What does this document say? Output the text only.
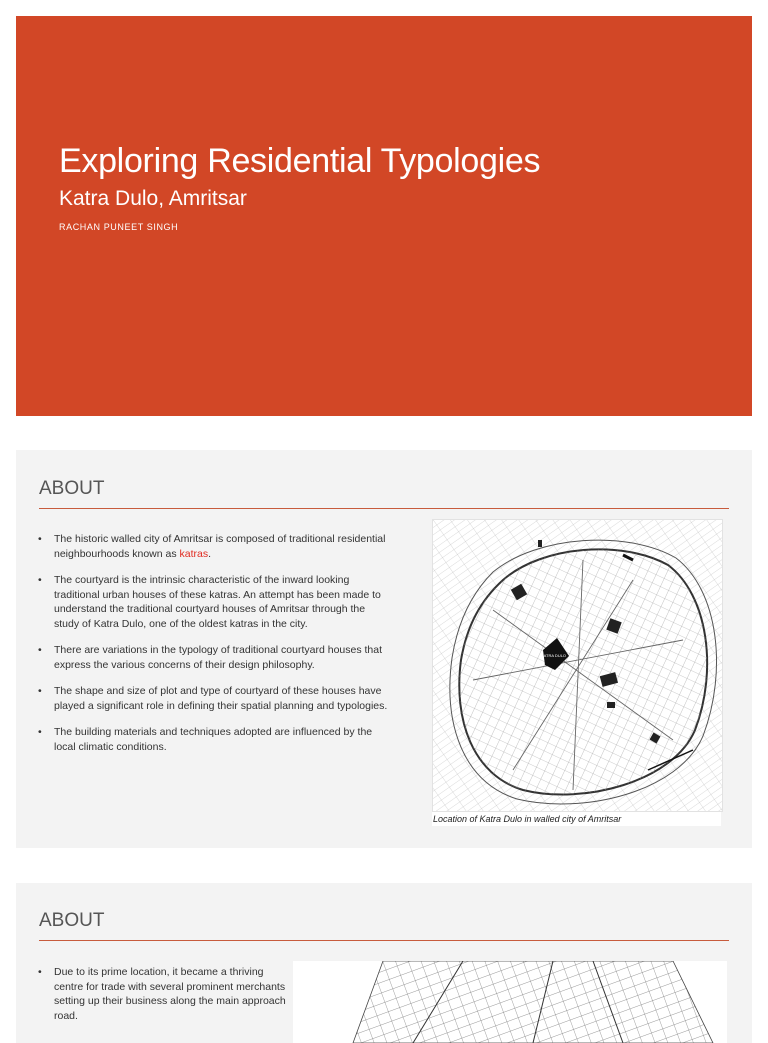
Exploring Residential Typologies
Katra Dulo, Amritsar
RACHAN PUNEET SINGH
ABOUT
• The historic walled city of Amritsar is composed of traditional residential neighbourhoods known as katras.
• The courtyard is the intrinsic characteristic of the inward looking traditional urban houses of these katras. An attempt has been made to understand the traditional courtyard houses of Amritsar through the study of Katra Dulo, one of the oldest katras in the city.
• There are variations in the typology of traditional courtyard houses that express the various concerns of their design philosophy.
• The shape and size of plot and type of courtyard of these houses have played a significant role in defining their spatial planning and typologies.
• The building materials and techniques adopted are influenced by the local climatic conditions.
KATRA DULO
Location of Katra Dulo in walled city of Amritsar
ABOUT
• Due to its prime location, it became a thriving centre for trade with several prominent merchants setting up their business along the main approach road.
